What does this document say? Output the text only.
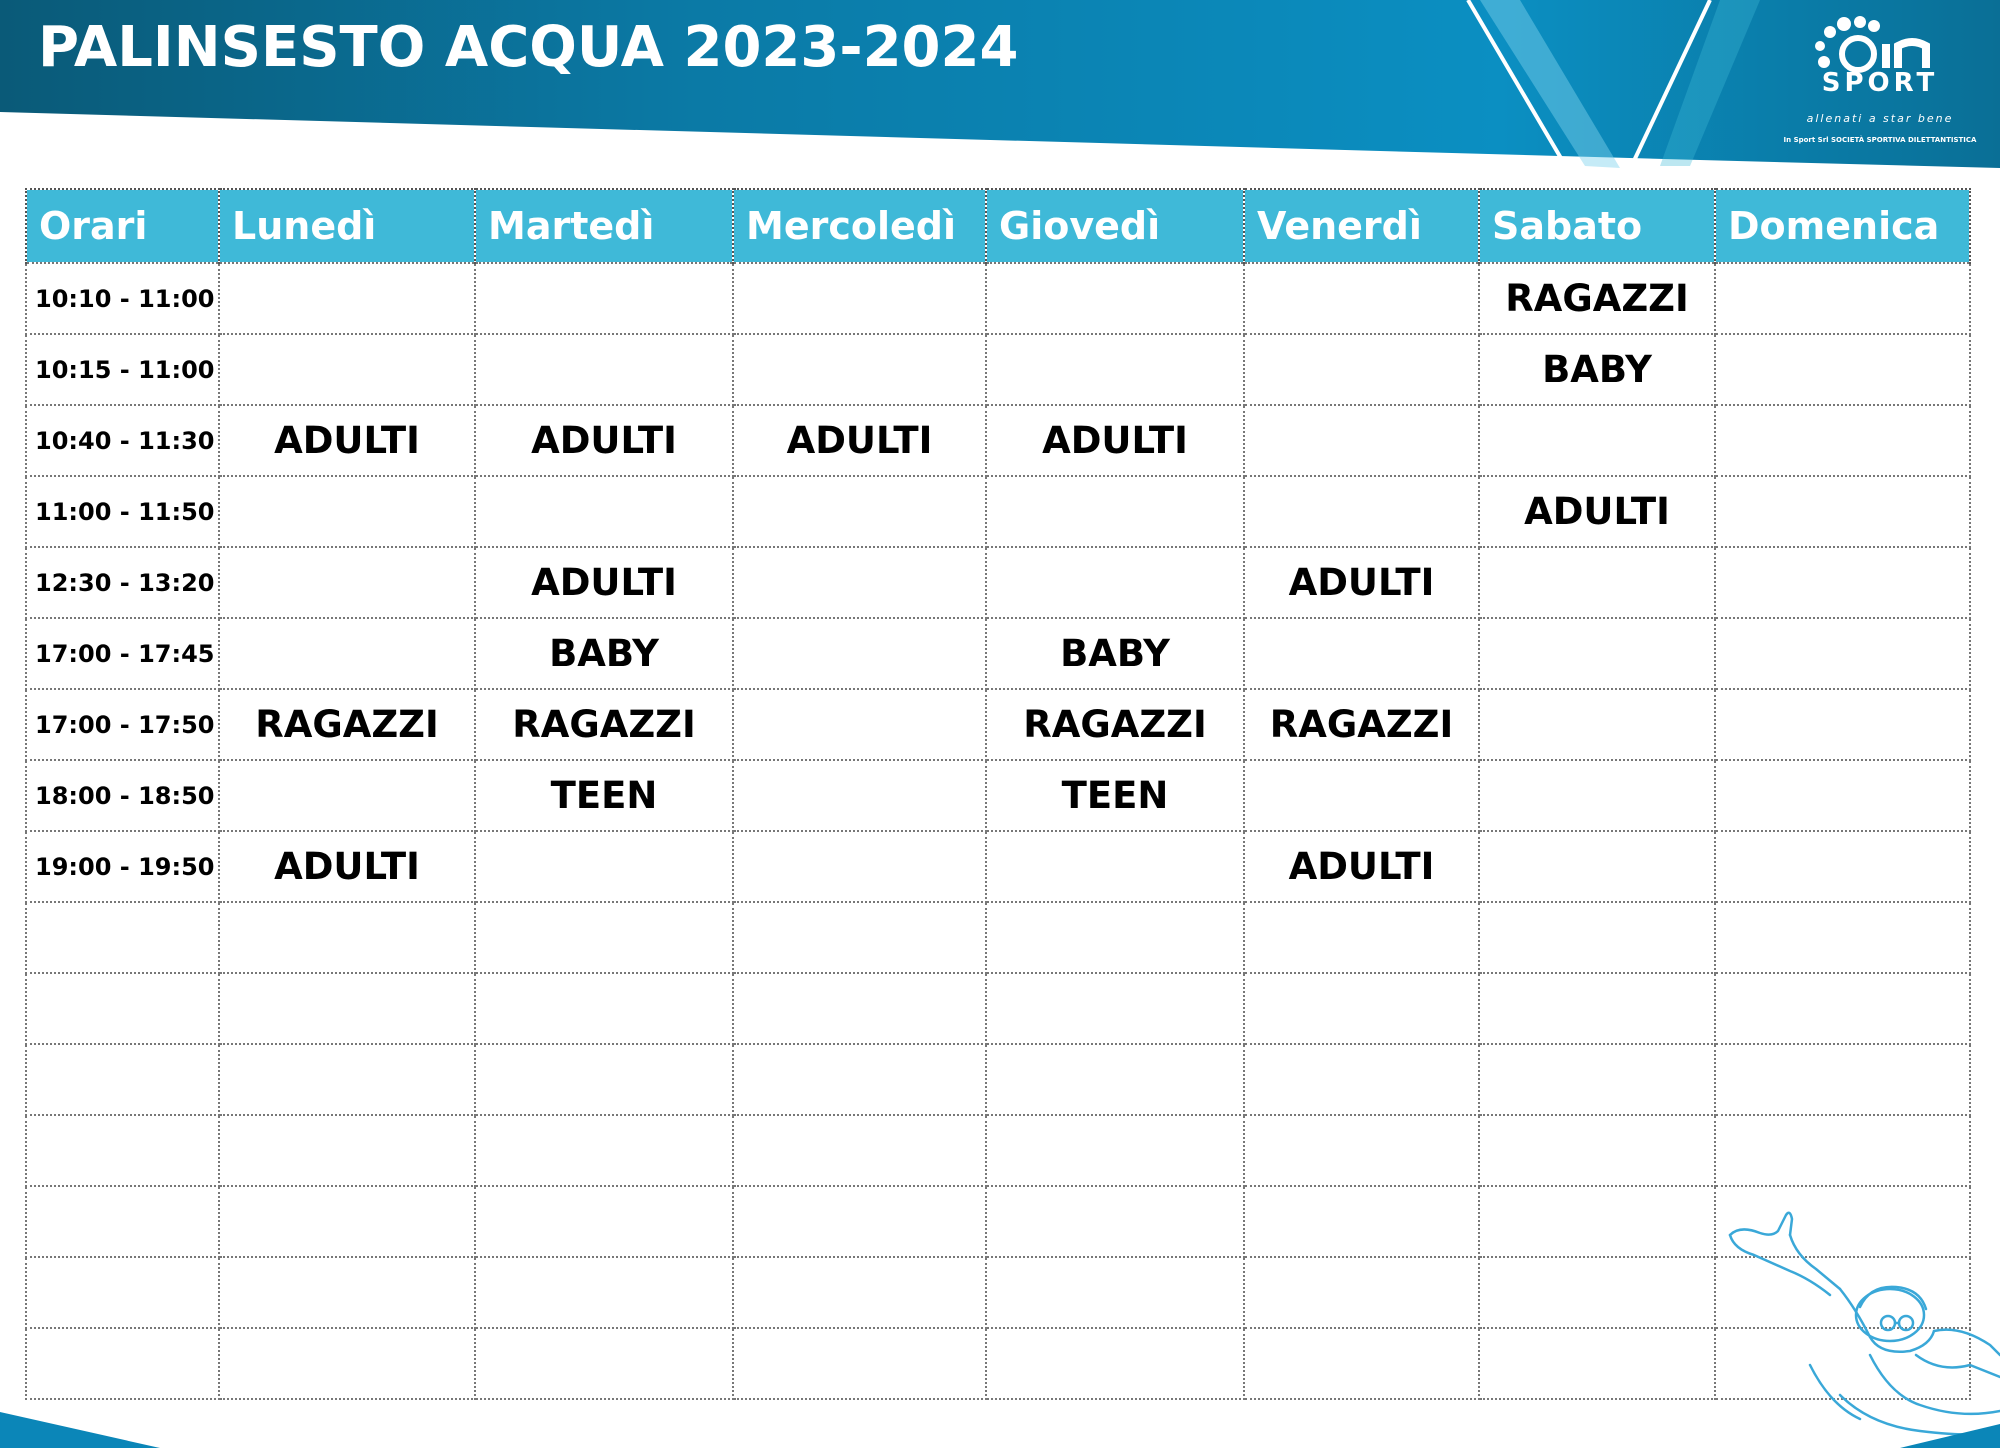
PALINSESTO ACQUA 2023-2024
SPORT
allenati a star bene
In Sport Srl SOCIETÀ SPORTIVA DILETTANTISTICA
Orari	Lunedì	Martedì	Mercoledì	Giovedì	Venerdì	Sabato	Domenica
10:10 - 11:00						RAGAZZI	
10:15 - 11:00						BABY	
10:40 - 11:30	ADULTI	ADULTI	ADULTI	ADULTI			
11:00 - 11:50						ADULTI	
12:30 - 13:20		ADULTI			ADULTI		
17:00 - 17:45		BABY		BABY			
17:00 - 17:50	RAGAZZI	RAGAZZI		RAGAZZI	RAGAZZI		
18:00 - 18:50		TEEN		TEEN			
19:00 - 19:50	ADULTI				ADULTI		
